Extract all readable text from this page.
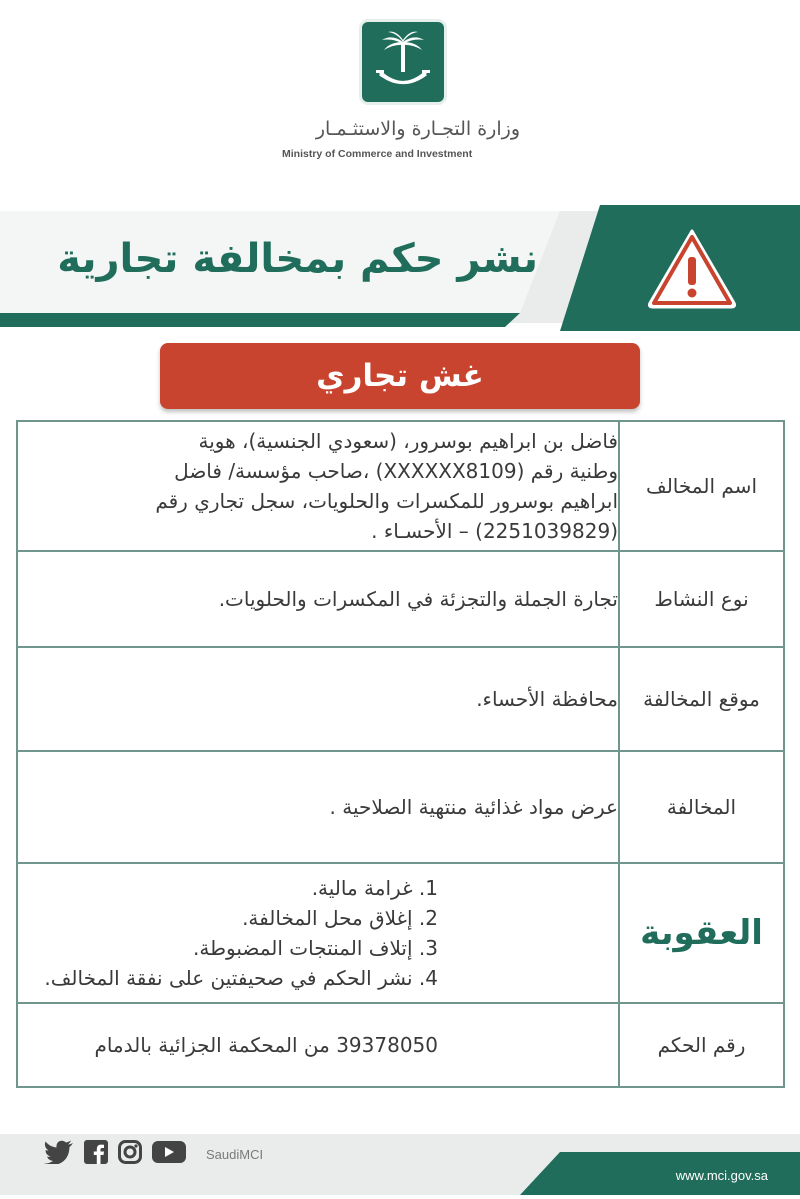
وزارة التجـارة والاستثـمـار
Ministry of Commerce and Investment
نشر حكم بمخالفة تجارية
غش تجاري
اسم المخالف	فاضل بن ابراهيم بوسرور، (سعودي الجنسية)، هوية
وطنية رقم (XXXXXX8109) ،صاحب مؤسسة/ فاضل
ابراهيم بوسرور للمكسرات والحلويات، سجل تجاري رقم
(2251039829) – الأحسـاء .

نوع النشاط	تجارة الجملة والتجزئة في المكسرات والحلويات.

موقع المخالفة	محافظة الأحساء.

المخالفة	عرض مواد غذائية منتهية الصلاحية .

العقوبة	1. غرامة مالية.
2. إغلاق محل المخالفة.
3. إتلاف المنتجات المضبوطة.
4. نشر الحكم في صحيفتين على نفقة المخالف.

رقم الحكم	39378050 من المحكمة الجزائية بالدمام
SaudiMCI
www.mci.gov.sa
